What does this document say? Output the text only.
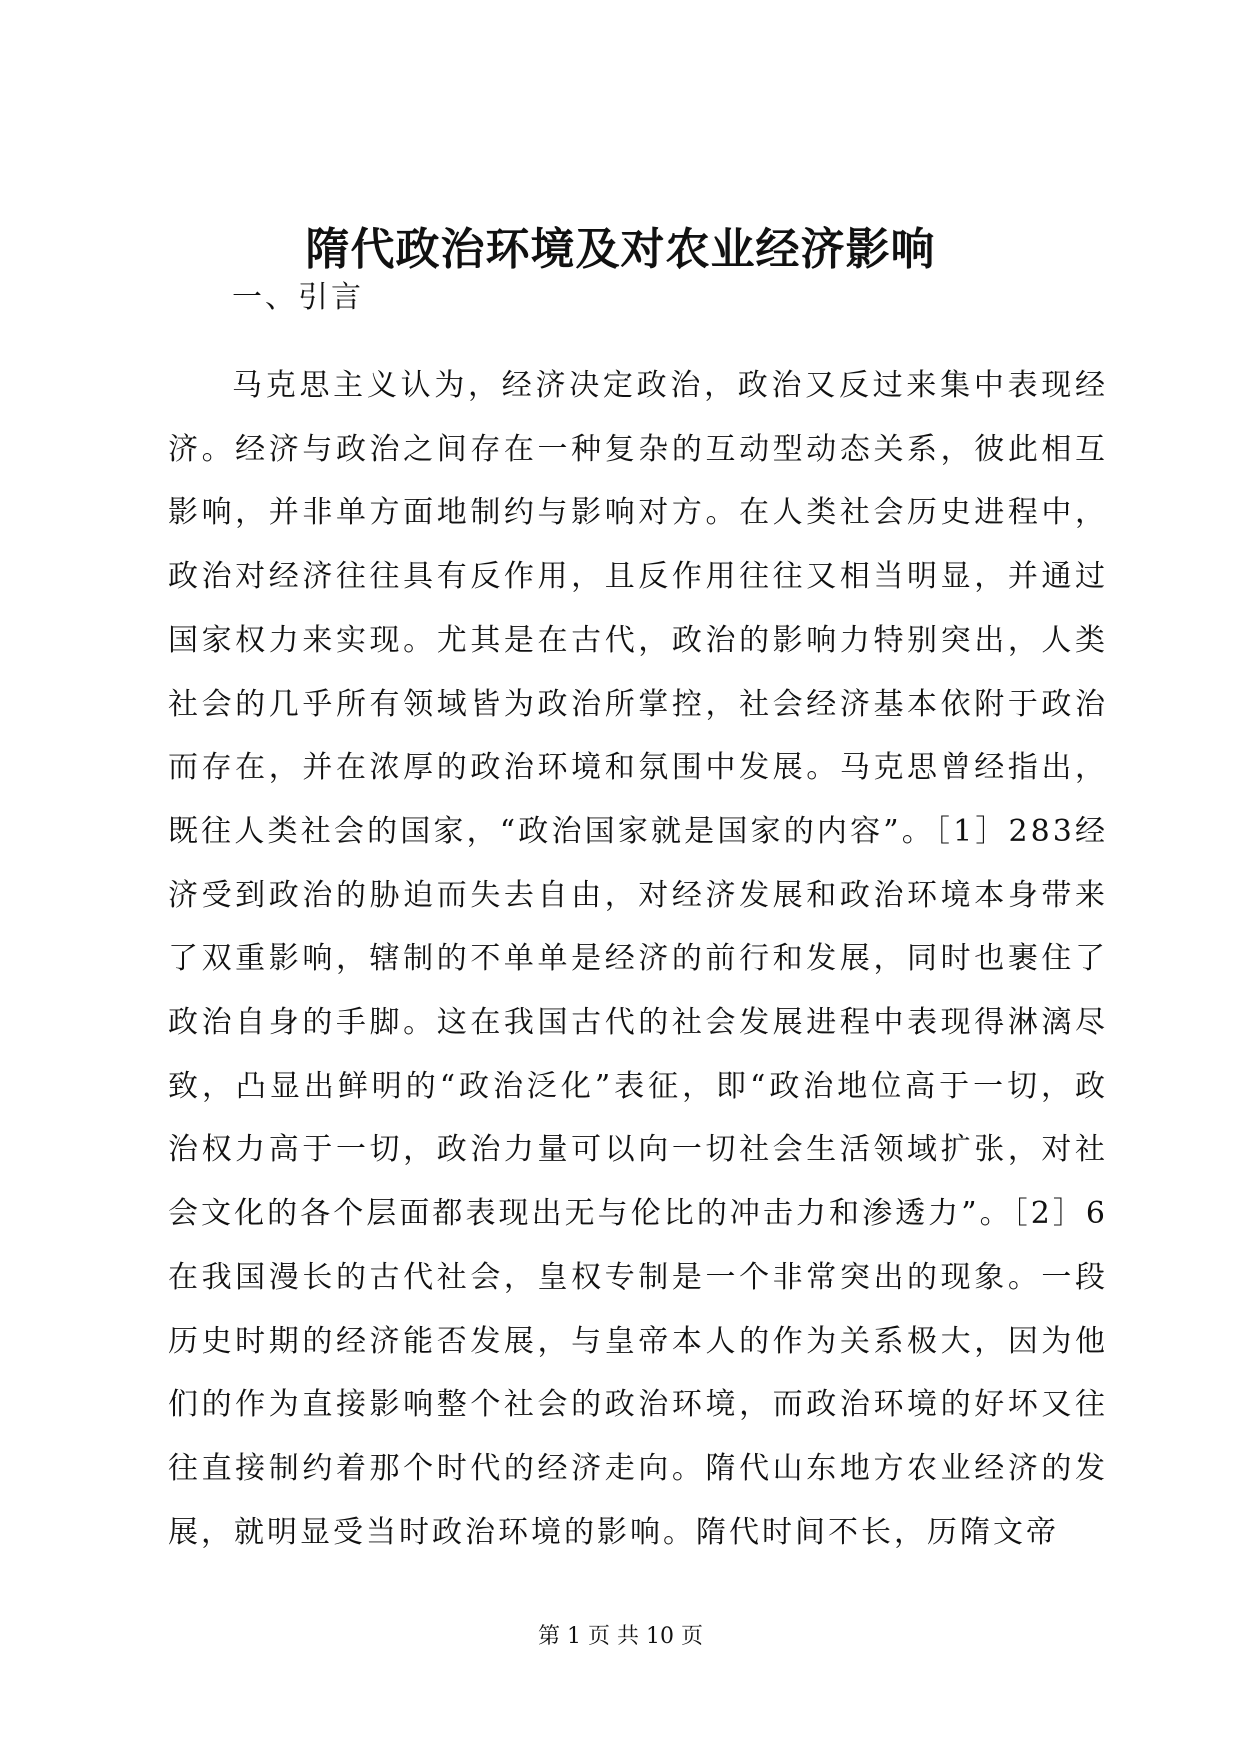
隋代政治环境及对农业经济影响

一、引言

马克思主义认为，经济决定政治，政治又反过来集中表现经济。经济与政治之间存在一种复杂的互动型动态关系，彼此相互影响，并非单方面地制约与影响对方。在人类社会历史进程中，政治对经济往往具有反作用，且反作用往往又相当明显，并通过国家权力来实现。尤其是在古代，政治的影响力特别突出，人类社会的几乎所有领域皆为政治所掌控，社会经济基本依附于政治而存在，并在浓厚的政治环境和氛围中发展。马克思曾经指出，既往人类社会的国家，“政治国家就是国家的内容”。［1］283经济受到政治的胁迫而失去自由，对经济发展和政治环境本身带来了双重影响，辖制的不单单是经济的前行和发展，同时也裹住了政治自身的手脚。这在我国古代的社会发展进程中表现得淋漓尽致，凸显出鲜明的“政治泛化”表征，即“政治地位高于一切，政治权力高于一切，政治力量可以向一切社会生活领域扩张，对社会文化的各个层面都表现出无与伦比的冲击力和渗透力”。［2］6在我国漫长的古代社会，皇权专制是一个非常突出的现象。一段历史时期的经济能否发展，与皇帝本人的作为关系极大，因为他们的作为直接影响整个社会的政治环境，而政治环境的好坏又往往直接制约着那个时代的经济走向。隋代山东地方农业经济的发展，就明显受当时政治环境的影响。隋代时间不长，历隋文帝

第 1 页 共 10 页
